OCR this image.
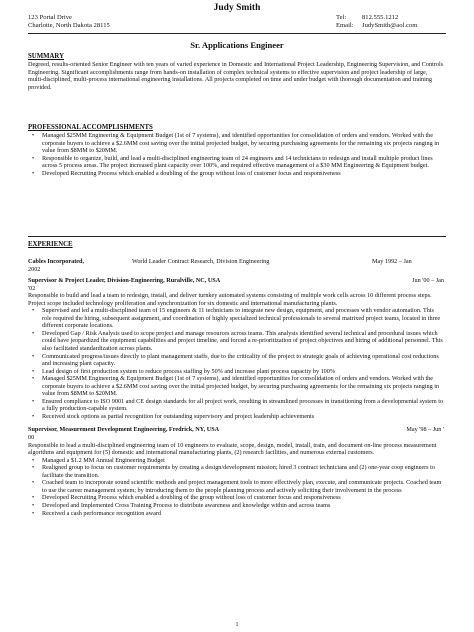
Judy Smith
123 Portal Drive
Charlotte, North Dakota 28115
Tel: 812.555.1212
Email: JudySmith@aol.com
Sr. Applications Engineer
SUMMARY

Degreed, results-oriented Senior Engineer with ten years of varied experience in Domestic and International Project Leadership, Engineering Supervision, and Controls Engineering. Significant accomplishments range from hands-on installation of complex technical systems to effective supervision and project leadership of large, multi-disciplined, multi-process international engineering installations. All projects completed on time and under budget with thorough documentation and training provided.

PROFESSIONAL ACCOMPLISHMENTS
• Managed $25MM Engineering & Equipment Budget (1st of 7 systems), and identified opportunities for consolidation of orders and vendors. Worked with the corporate buyers to achieve a $2.6MM cost saving over the initial projected budget, by securing purchasing agreements for the remaining six projects ranging in value from $8MM to $20MM.
• Responsible to organize, build, and lead a multi-disciplined engineering team of 24 engineers and 14 technicians to redesign and install multiple product lines across 5 process areas. The project increased plant capacity over 100%, and required effective management of a $30 MM Engineering & Equipment budget.
• Developed Recruiting Process which enabled a doubling of the group without loss of customer focus and responsiveness
EXPERIENCE
Cables Incorporated,	World Leader Contract Research, Division Engineering	May 1992 – Jan
2002
Supervisor & Project Leader, Division-Engineering, Ruralville, NC, USA	Jun '00 – Jan
'02

Responsible to build and lead a team to redesign, install, and deliver turnkey automated systems consisting of multiple work cells across 10 different process steps. Project scope included technology proliferation and synchronization for six domestic and international manufacturing plants.

• Supervised and led a multi-disciplined team of 15 engineers & 11 technicians to integrate new design, equipment, and processes with vendor automation. This role required the hiring, subsequent assignment, and coordination of highly specialized technical professionals to several matrixed project teams, located in three different corporate locations.
• Developed Gap / Risk Analysis used to scope project and manage resources across teams. This analysis identified several technical and procedural issues which could have jeopardized the equipment capabilities and project timeline, and forced a re-prioritization of project objectives and hiring of additional personnel. This also facilitated standardization across plants.
• Communicated progress/issues directly to plant management staffs, due to the criticality of the project to strategic goals of achieving operational cost reductions and increasing plant capacity.
• Lead design of first production system to reduce process staffing by 50% and increase plant process capacity by 100%
• Managed $25MM Engineering & Equipment Budget (1st of 7 systems), and identified opportunities for consolidation of orders and vendors. Worked with the corporate buyers to achieve a $2.6MM cost saving over the initial projected budget, by securing purchasing agreements for the remaining six projects ranging in value from $8MM to $20MM.
• Ensured compliance to ISO 9001 and CE design standards for all project work, resulting in streamlined processes in transitioning from a developmental system to a fully production-capable system.
• Received stock options as partial recognition for outstanding supervisory and project leadership achievements
Supervisor, Measurement Development Engineering, Fredrick, NY, USA	May '98 – Jun '
00

Responsible to lead a multi-disciplined engineering team of 10 engineers to evaluate, scope, design, model, install, train, and document on-line process measurement algorithms and equipment for (5) domestic and international manufacturing plants, (2) research facilities, and numerous external customers.

• Managed a $1.2 MM Annual Engineering Budget
• Realigned group to focus on customer requirements by creating a design/development mission; hired 3 contract technicians and (2) one-year coop engineers to facilitate the transition.
• Coached team to incorporate sound scientific methods and project management tools to more effectively plan, execute, and communicate projects. Coached team to use the career management system; by introducing them to the people planning process and actively soliciting their involvement in the process
• Developed Recruiting Process which enabled a doubling of the group without loss of customer focus and responsiveness
• Developed and Implemented Cross Training Process to distribute awareness and knowledge within and across teams
• Received a cash performance recognition award
1
